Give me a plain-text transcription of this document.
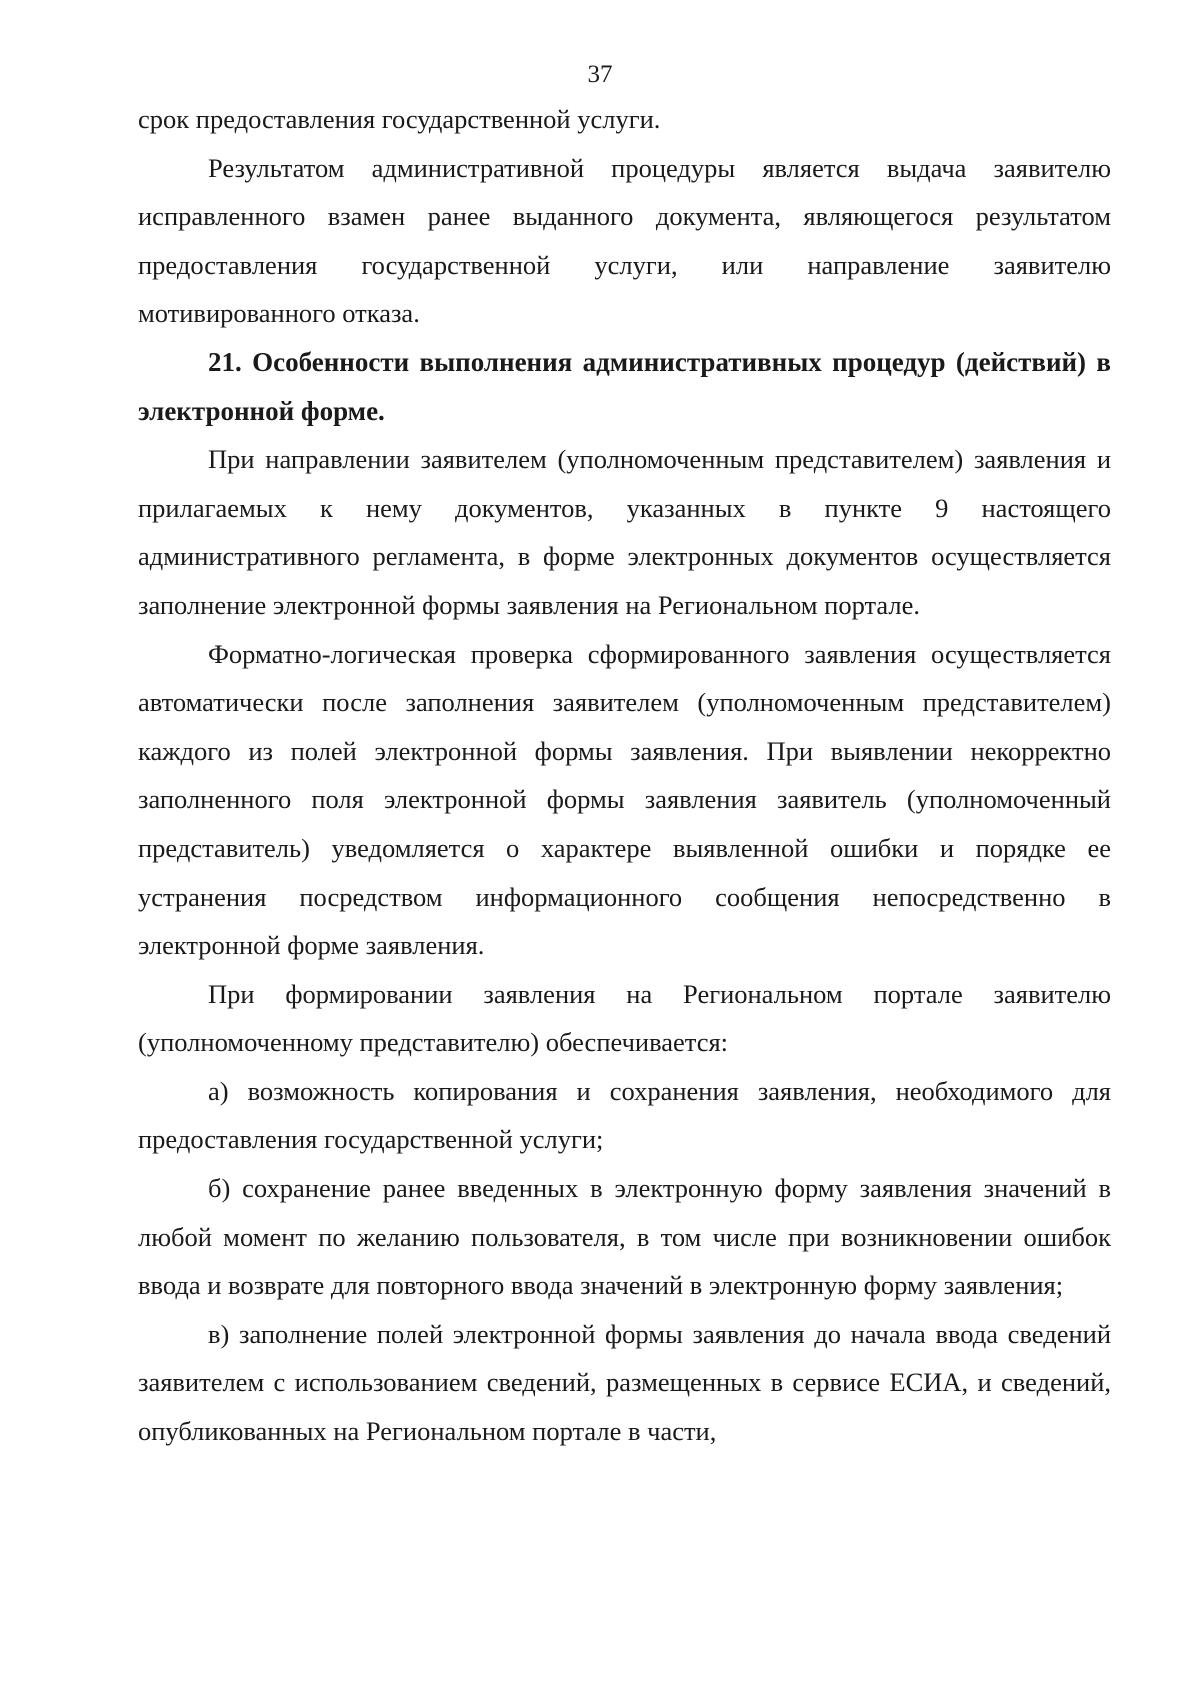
37

срок предоставления государственной услуги.

Результатом административной процедуры является выдача заявителю исправленного взамен ранее выданного документа, являющегося результатом предоставления государственной услуги, или направление заявителю мотивированного отказа.

21. Особенности выполнения административных процедур (действий) в электронной форме.

При направлении заявителем (уполномоченным представителем) заявления и прилагаемых к нему документов, указанных в пункте 9 настоящего административного регламента, в форме электронных документов осуществляется заполнение электронной формы заявления на Региональном портале.

Форматно-логическая проверка сформированного заявления осуществляется автоматически после заполнения заявителем (уполномоченным представителем) каждого из полей электронной формы заявления. При выявлении некорректно заполненного поля электронной формы заявления заявитель (уполномоченный представитель) уведомляется о характере выявленной ошибки и порядке ее устранения посредством информационного сообщения непосредственно в электронной форме заявления.

При формировании заявления на Региональном портале заявителю (уполномоченному представителю) обеспечивается:

а) возможность копирования и сохранения заявления, необходимого для предоставления государственной услуги;

б) сохранение ранее введенных в электронную форму заявления значений в любой момент по желанию пользователя, в том числе при возникновении ошибок ввода и возврате для повторного ввода значений в электронную форму заявления;

в) заполнение полей электронной формы заявления до начала ввода сведений заявителем с использованием сведений, размещенных в сервисе ЕСИА, и сведений, опубликованных на Региональном портале в части,
